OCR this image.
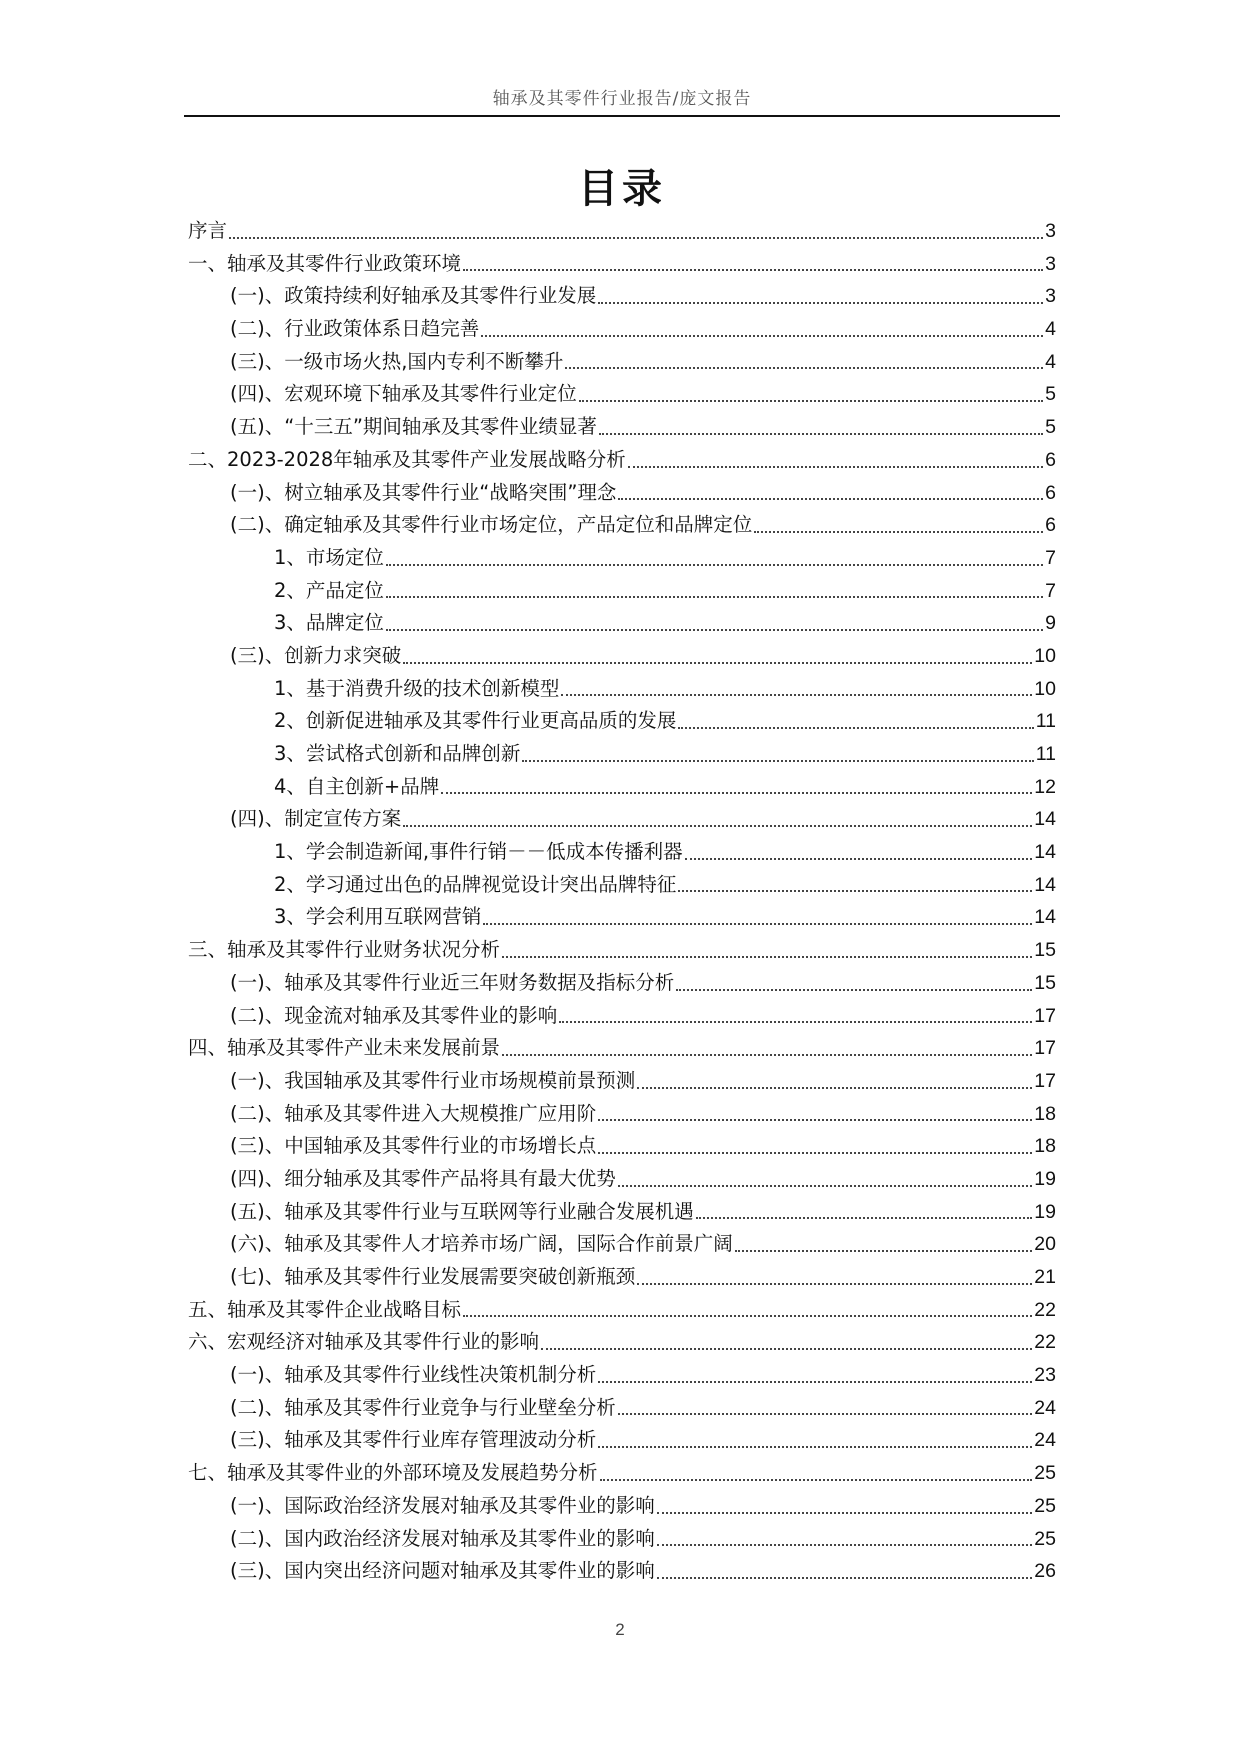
轴承及其零件行业报告/庞文报告
目录
序言	3
一、轴承及其零件行业政策环境	3
(一)、政策持续利好轴承及其零件行业发展	3
(二)、行业政策体系日趋完善	4
(三)、一级市场火热,国内专利不断攀升	4
(四)、宏观环境下轴承及其零件行业定位	5
(五)、“十三五”期间轴承及其零件业绩显著	5
二、2023-2028年轴承及其零件产业发展战略分析	6
(一)、树立轴承及其零件行业“战略突围”理念	6
(二)、确定轴承及其零件行业市场定位，产品定位和品牌定位	6
1、市场定位	7
2、产品定位	7
3、品牌定位	9
(三)、创新力求突破	10
1、基于消费升级的技术创新模型	10
2、创新促进轴承及其零件行业更高品质的发展	11
3、尝试格式创新和品牌创新	11
4、自主创新+品牌	12
(四)、制定宣传方案	14
1、学会制造新闻,事件行销－－低成本传播利器	14
2、学习通过出色的品牌视觉设计突出品牌特征	14
3、学会利用互联网营销	14
三、轴承及其零件行业财务状况分析	15
(一)、轴承及其零件行业近三年财务数据及指标分析	15
(二)、现金流对轴承及其零件业的影响	17
四、轴承及其零件产业未来发展前景	17
(一)、我国轴承及其零件行业市场规模前景预测	17
(二)、轴承及其零件进入大规模推广应用阶	18
(三)、中国轴承及其零件行业的市场增长点	18
(四)、细分轴承及其零件产品将具有最大优势	19
(五)、轴承及其零件行业与互联网等行业融合发展机遇	19
(六)、轴承及其零件人才培养市场广阔，国际合作前景广阔	20
(七)、轴承及其零件行业发展需要突破创新瓶颈	21
五、轴承及其零件企业战略目标	22
六、宏观经济对轴承及其零件行业的影响	22
(一)、轴承及其零件行业线性决策机制分析	23
(二)、轴承及其零件行业竞争与行业壁垒分析	24
(三)、轴承及其零件行业库存管理波动分析	24
七、轴承及其零件业的外部环境及发展趋势分析	25
(一)、国际政治经济发展对轴承及其零件业的影响	25
(二)、国内政治经济发展对轴承及其零件业的影响	25
(三)、国内突出经济问题对轴承及其零件业的影响	26
2
